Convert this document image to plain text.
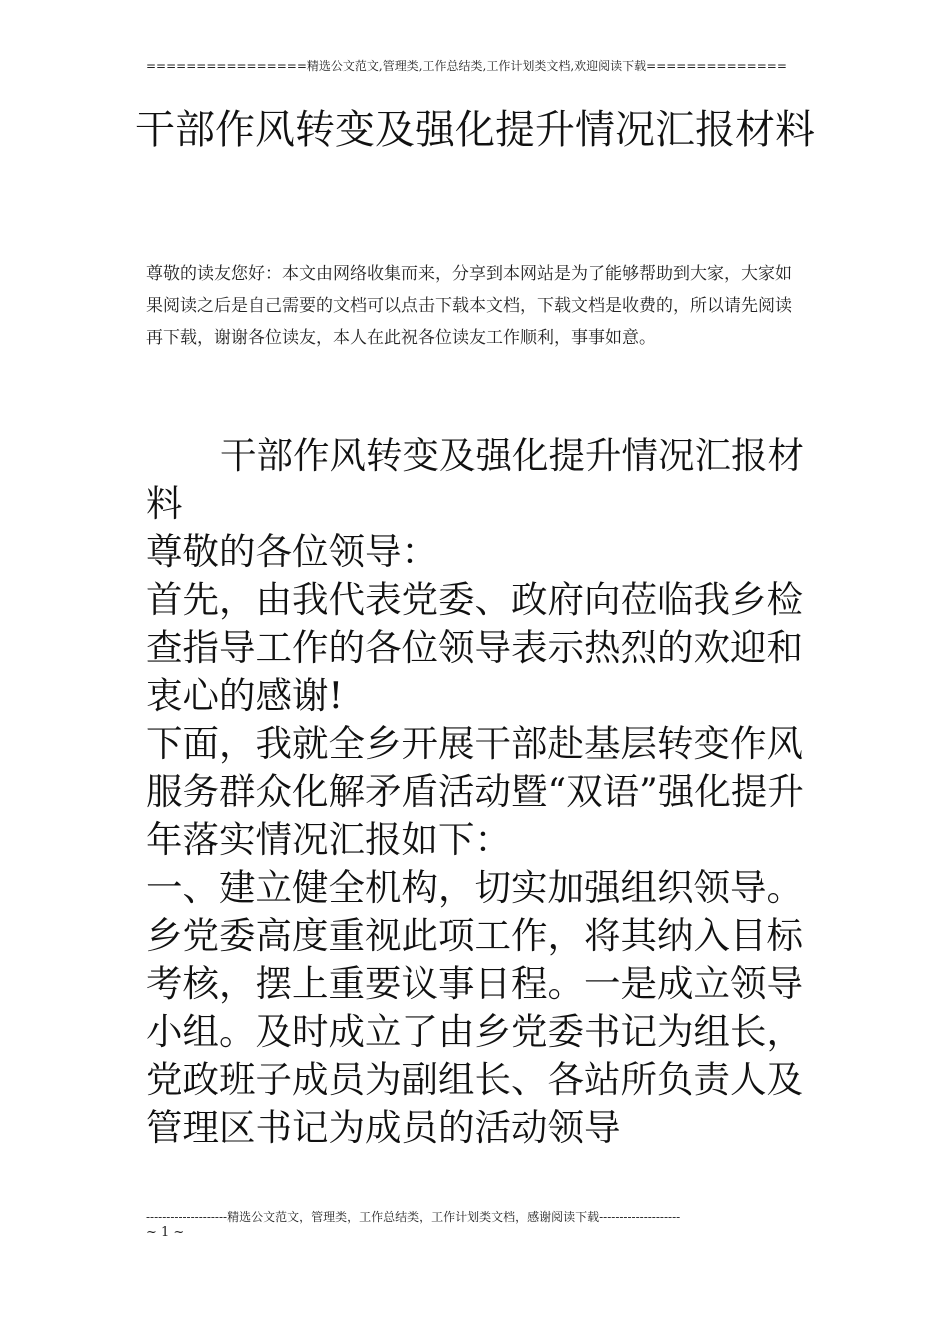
================精选公文范文,管理类,工作总结类,工作计划类文档,欢迎阅读下载==============
干部作风转变及强化提升情况汇报材料
尊敬的读友您好：本文由网络收集而来，分享到本网站是为了能够帮助到大家，大家如果阅读之后是自己需要的文档可以点击下载本文档，下载文档是收费的，所以请先阅读再下载，谢谢各位读友，本人在此祝各位读友工作顺利，事事如意。

干部作风转变及强化提升情况汇报材料

尊敬的各位领导：

首先，由我代表党委、政府向莅临我乡检查指导工作的各位领导表示热烈的欢迎和衷心的感谢!

下面，我就全乡开展干部赴基层转变作风服务群众化解矛盾活动暨“双语”强化提升年落实情况汇报如下：

一、建立健全机构，切实加强组织领导。

乡党委高度重视此项工作，将其纳入目标考核，摆上重要议事日程。一是成立领导小组。及时成立了由乡党委书记为组长，党政班子成员为副组长、各站所负责人及管理区书记为成员的活动领导

--------------------精选公文范文，管理类，工作总结类，工作计划类文档，感谢阅读下载--------------------
~ 1 ~
